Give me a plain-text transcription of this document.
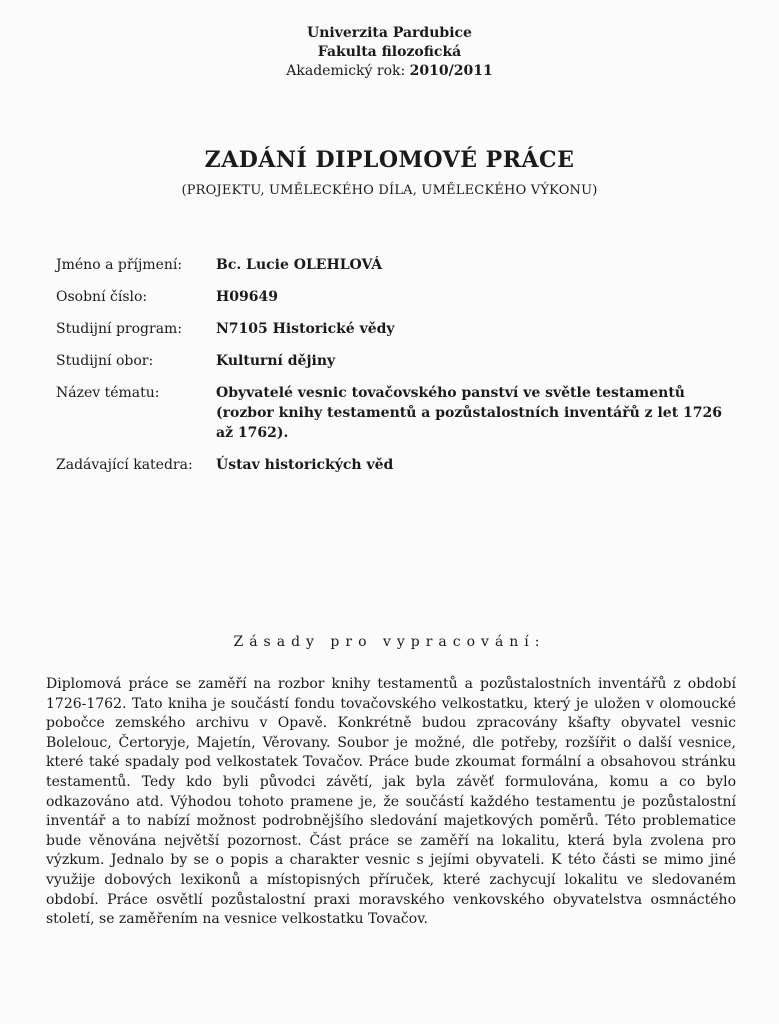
Univerzita Pardubice
Fakulta filozofická
Akademický rok: 2010/2011
ZADÁNÍ DIPLOMOVÉ PRÁCE
(PROJEKTU, UMĚLECKÉHO DÍLA, UMĚLECKÉHO VÝKONU)
Jméno a příjmení:	Bc. Lucie OLEHLOVÁ
Osobní číslo:	H09649
Studijní program:	N7105 Historické vědy
Studijní obor:	Kulturní dějiny
Název tématu:	Obyvatelé vesnic tovačovského panství ve světle testamentů (rozbor knihy testamentů a pozůstalostních inventářů z let 1726 až 1762).
Zadávající katedra:	Ústav historických věd
Zásady pro vypracování:
Diplomová práce se zaměří na rozbor knihy testamentů a pozůstalostních inventářů z období 1726-1762. Tato kniha je součástí fondu tovačovského velkostatku, který je uložen v olomoucké pobočce zemského archivu v Opavě. Konkrétně budou zpracovány kšafty obyvatel vesnic Bolelouc, Čertoryje, Majetín, Věrovany. Soubor je možné, dle potřeby, rozšířit o další vesnice, které také spadaly pod velkostatek Tovačov. Práce bude zkoumat formální a obsahovou stránku testamentů. Tedy kdo byli původci závětí, jak byla závěť formulována, komu a co bylo odkazováno atd. Výhodou tohoto pramene je, že součástí každého testamentu je pozůstalostní inventář a to nabízí možnost podrobnějšího sledování majetkových poměrů. Této problematice bude věnována největší pozornost. Část práce se zaměří na lokalitu, která byla zvolena pro výzkum. Jednalo by se o popis a charakter vesnic s jejími obyvateli. K této části se mimo jiné využije dobových lexikonů a místopisných příruček, které zachycují lokalitu ve sledovaném období. Práce osvětlí pozůstalostní praxi moravského venkovského obyvatelstva osmnáctého století, se zaměřením na vesnice velkostatku Tovačov.
